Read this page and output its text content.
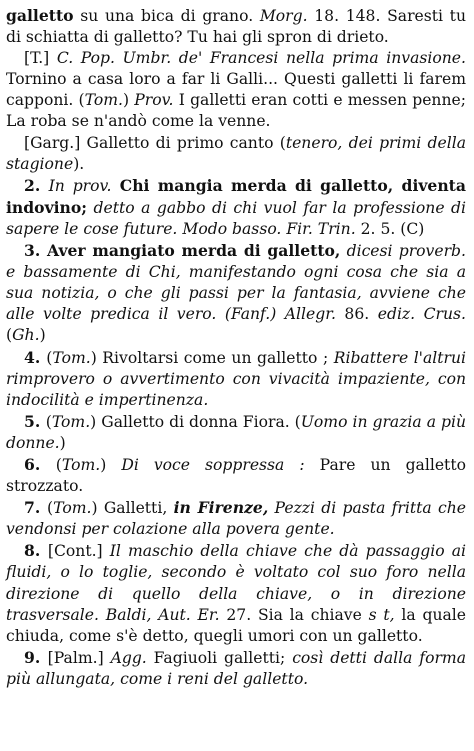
galletto su una bica di grano. Morg. 18. 148. Saresti tu di schiatta di galletto? Tu hai gli spron di drieto.

[T.] C. Pop. Umbr. de' Francesi nella prima invasione. Tornino a casa loro a far li Galli... Questi galletti li farem capponi. (Tom.) Prov. I galletti eran cotti e messen penne; La roba se n'andò come la venne.

[Garg.] Galletto di primo canto (tenero, dei primi della stagione).

2. In prov. Chi mangia merda di galletto, diventa indovino; detto a gabbo di chi vuol far la professione di sapere le cose future. Modo basso. Fir. Trin. 2. 5. (C)

3. Aver mangiato merda di galletto, dicesi proverb. e bassamente di Chi, manifestando ogni cosa che sia a sua notizia, o che gli passi per la fantasia, avviene che alle volte predica il vero. (Fanf.) Allegr. 86. ediz. Crus. (Gh.)

4. (Tom.) Rivoltarsi come un galletto ; Ribattere l'altrui rimprovero o avvertimento con vivacità impaziente, con indocilità e impertinenza.

5. (Tom.) Galletto di donna Fiora. (Uomo in grazia a più donne.)

6. (Tom.) Di voce soppressa : Pare un galletto strozzato.

7. (Tom.) Galletti, in Firenze, Pezzi di pasta fritta che vendonsi per colazione alla povera gente.

8. [Cont.] Il maschio della chiave che dà passaggio ai fluidi, o lo toglie, secondo è voltato col suo foro nella direzione di quello della chiave, o in direzione trasversale. Baldi, Aut. Er. 27. Sia la chiave s t, la quale chiuda, come s'è detto, quegli umori con un galletto.

9. [Palm.] Agg. Fagiuoli galletti; così detti dalla forma più allungata, come i reni del galletto.
